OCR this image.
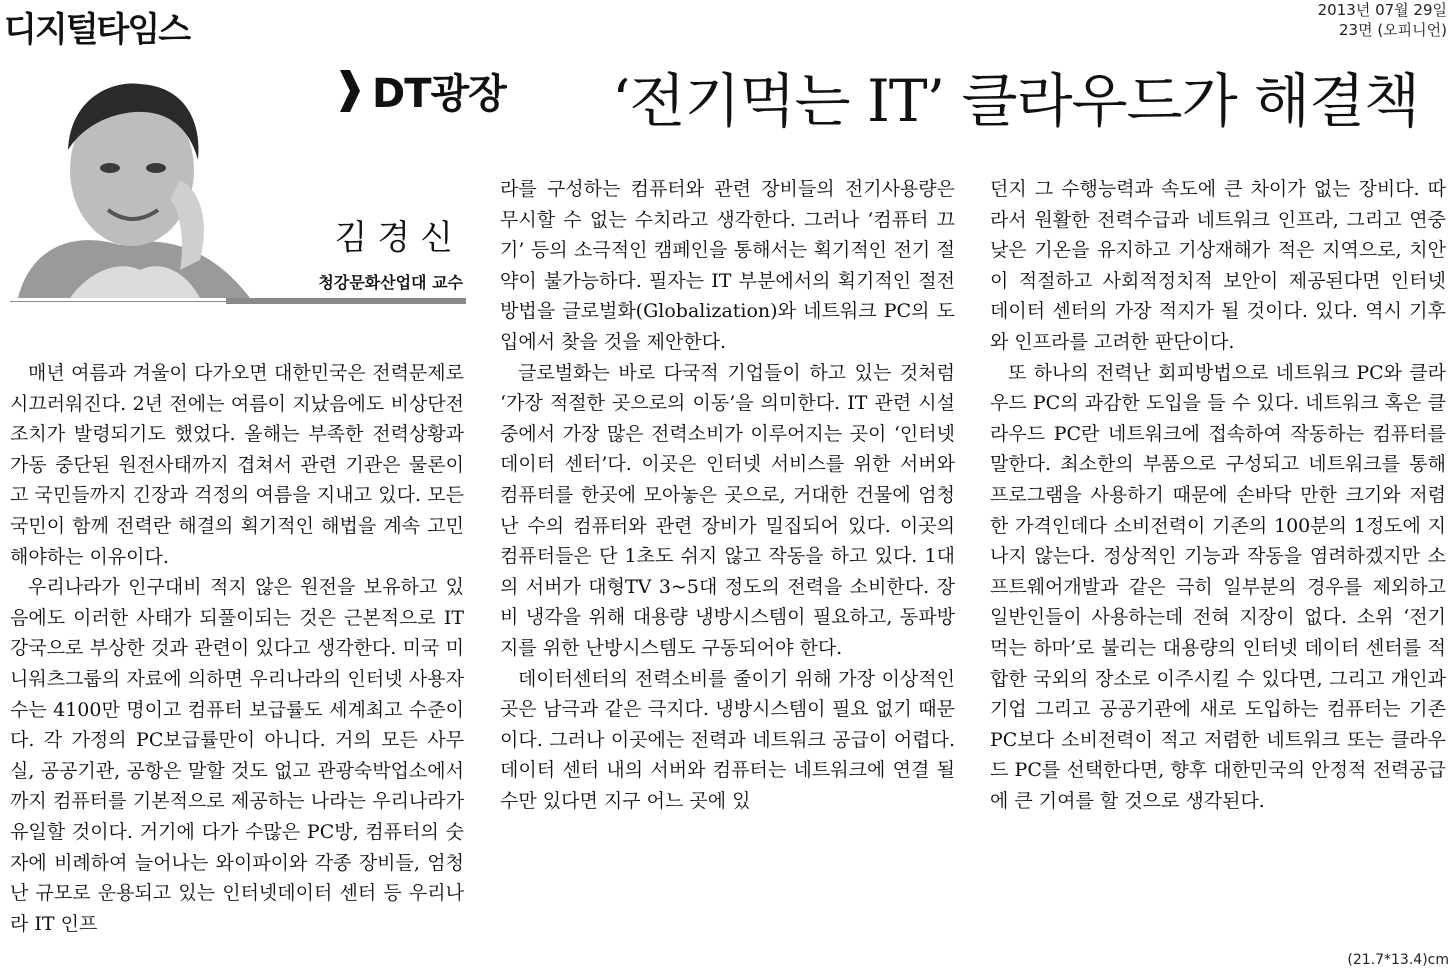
디지털타임스	2013년 07월 29일
23면 (오피니언)
DT광장 ‘전기먹는 IT’ 클라우드가 해결책
김경신
청강문화산업대 교수

매년 여름과 겨울이 다가오면 대한민국은 전력문제로 시끄러워진다. 2년 전에는 여름이 지났음에도 비상단전 조치가 발령되기도 했었다. 올해는 부족한 전력상황과 가동 중단된 원전사태까지 겹쳐서 관련 기관은 물론이고 국민들까지 긴장과 걱정의 여름을 지내고 있다. 모든 국민이 함께 전력란 해결의 획기적인 해법을 계속 고민해야하는 이유이다.

우리나라가 인구대비 적지 않은 원전을 보유하고 있음에도 이러한 사태가 되풀이되는 것은 근본적으로 IT강국으로 부상한 것과 관련이 있다고 생각한다. 미국 미니워츠그룹의 자료에 의하면 우리나라의 인터넷 사용자수는 4100만 명이고 컴퓨터 보급률도 세계최고 수준이다. 각 가정의 PC보급률만이 아니다. 거의 모든 사무실, 공공기관, 공항은 말할 것도 없고 관광숙박업소에서까지 컴퓨터를 기본적으로 제공하는 나라는 우리나라가 유일할 것이다. 거기에 다가 수많은 PC방, 컴퓨터의 숫자에 비례하여 늘어나는 와이파이와 각종 장비들, 엄청난 규모로 운용되고 있는 인터넷데이터 센터 등 우리나라 IT 인프

라를 구성하는 컴퓨터와 관련 장비들의 전기사용량은 무시할 수 없는 수치라고 생각한다. 그러나 ‘컴퓨터 끄기’ 등의 소극적인 캠페인을 통해서는 획기적인 전기 절약이 불가능하다. 필자는 IT 부분에서의 획기적인 절전 방법을 글로벌화(Globalization)와 네트워크 PC의 도입에서 찾을 것을 제안한다.

글로벌화는 바로 다국적 기업들이 하고 있는 것처럼 ‘가장 적절한 곳으로의 이동’을 의미한다. IT 관련 시설 중에서 가장 많은 전력소비가 이루어지는 곳이 ‘인터넷 데이터 센터’다. 이곳은 인터넷 서비스를 위한 서버와 컴퓨터를 한곳에 모아놓은 곳으로, 거대한 건물에 엄청난 수의 컴퓨터와 관련 장비가 밀집되어 있다. 이곳의 컴퓨터들은 단 1초도 쉬지 않고 작동을 하고 있다. 1대의 서버가 대형TV 3~5대 정도의 전력을 소비한다. 장비 냉각을 위해 대용량 냉방시스템이 필요하고, 동파방지를 위한 난방시스템도 구동되어야 한다.

데이터센터의 전력소비를 줄이기 위해 가장 이상적인 곳은 남극과 같은 극지다. 냉방시스템이 필요 없기 때문이다. 그러나 이곳에는 전력과 네트워크 공급이 어렵다. 데이터 센터 내의 서버와 컴퓨터는 네트워크에 연결 될 수만 있다면 지구 어느 곳에 있

던지 그 수행능력과 속도에 큰 차이가 없는 장비다. 따라서 원활한 전력수급과 네트워크 인프라, 그리고 연중 낮은 기온을 유지하고 기상재해가 적은 지역으로, 치안이 적절하고 사회적정치적 보안이 제공된다면 인터넷 데이터 센터의 가장 적지가 될 것이다. 있다. 역시 기후와 인프라를 고려한 판단이다.

또 하나의 전력난 회피방법으로 네트워크 PC와 클라우드 PC의 과감한 도입을 들 수 있다. 네트워크 혹은 클라우드 PC란 네트워크에 접속하여 작동하는 컴퓨터를 말한다. 최소한의 부품으로 구성되고 네트워크를 통해 프로그램을 사용하기 때문에 손바닥 만한 크기와 저렴한 가격인데다 소비전력이 기존의 100분의 1정도에 지나지 않는다. 정상적인 기능과 작동을 염려하겠지만 소프트웨어개발과 같은 극히 일부분의 경우를 제외하고 일반인들이 사용하는데 전혀 지장이 없다. 소위 ‘전기 먹는 하마’로 불리는 대용량의 인터넷 데이터 센터를 적합한 국외의 장소로 이주시킬 수 있다면, 그리고 개인과 기업 그리고 공공기관에 새로 도입하는 컴퓨터는 기존 PC보다 소비전력이 적고 저렴한 네트워크 또는 클라우드 PC를 선택한다면, 향후 대한민국의 안정적 전력공급에 큰 기여를 할 것으로 생각된다.

(21.7*13.4)cm
